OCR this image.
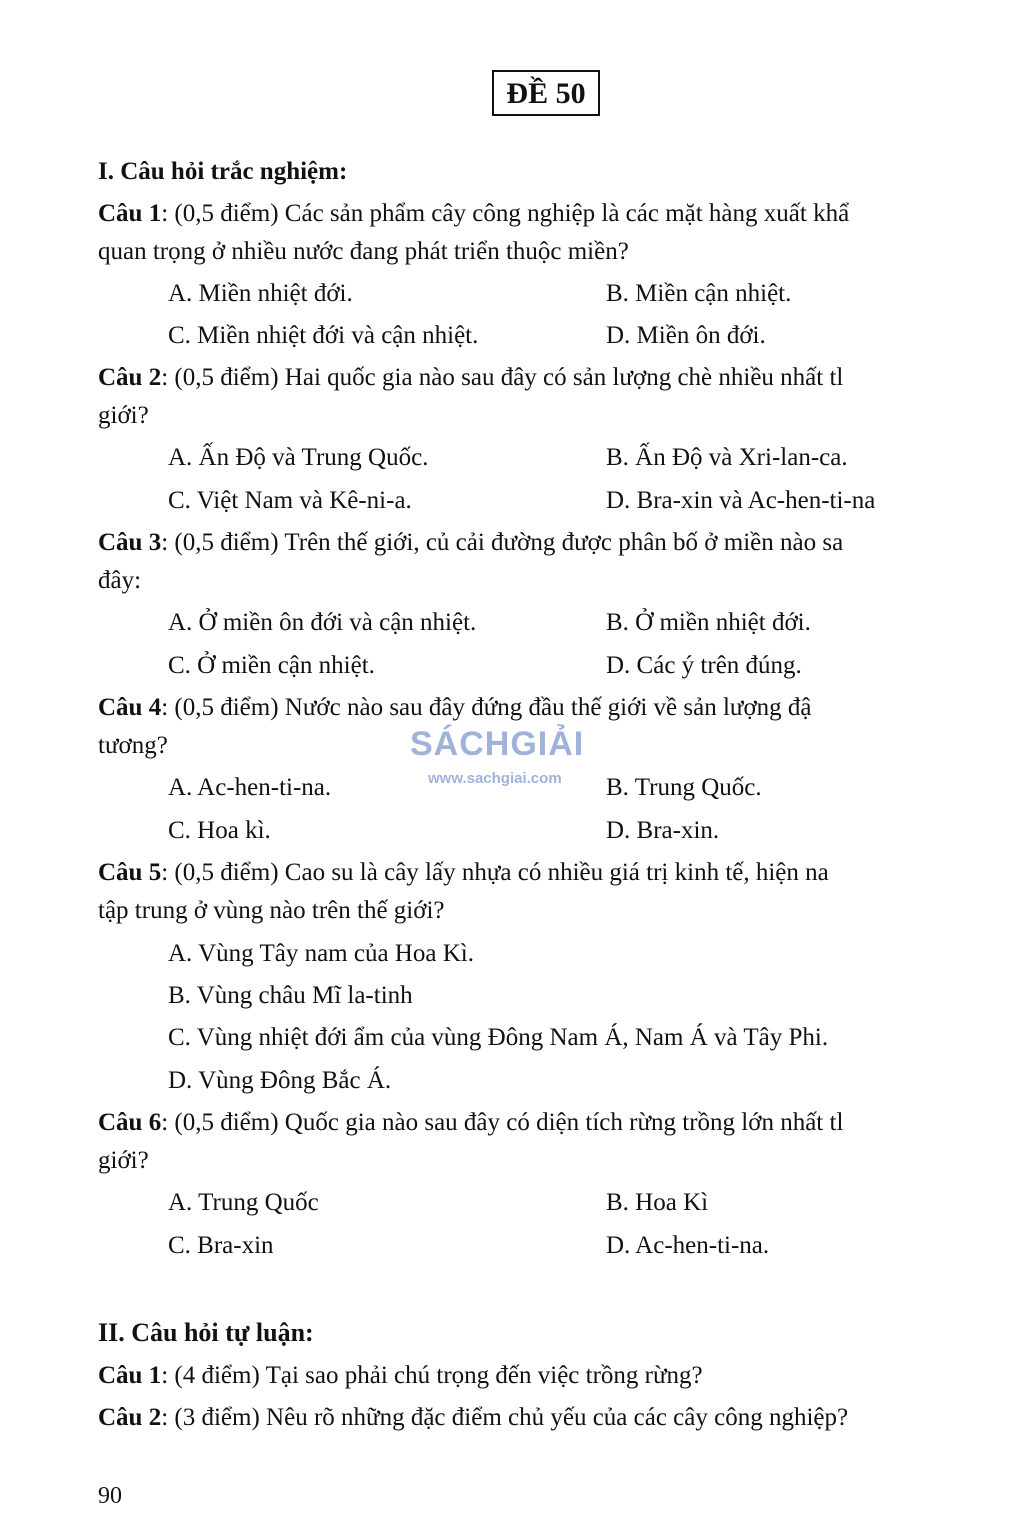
ĐỀ 50
I. Câu hỏi trắc nghiệm:
Câu 1: (0,5 điểm) Các sản phẩm cây công nghiệp là các mặt hàng xuất khẩ
quan trọng ở nhiều nước đang phát triển thuộc miền?
A. Miền nhiệt đới.	B. Miền cận nhiệt.
C. Miền nhiệt đới và cận nhiệt.	D. Miền ôn đới.
Câu 2: (0,5 điểm) Hai quốc gia nào sau đây có sản lượng chè nhiều nhất tl
giới?
A. Ấn Độ và Trung Quốc.	B. Ấn Độ và Xri-lan-ca.
C. Việt Nam và Kê-ni-a.	D. Bra-xin và Ac-hen-ti-na
Câu 3: (0,5 điểm) Trên thế giới, củ cải đường được phân bố ở miền nào sa
đây:
A. Ở miền ôn đới và cận nhiệt.	B. Ở miền nhiệt đới.
C. Ở miền cận nhiệt.	D. Các ý trên đúng.
Câu 4: (0,5 điểm) Nước nào sau đây đứng đầu thế giới về sản lượng đậ
tương?
A. Ac-hen-ti-na.	B. Trung Quốc.
C. Hoa kì.	D. Bra-xin.
SÁCHGIẢI
www.sachgiai.com
Câu 5: (0,5 điểm) Cao su là cây lấy nhựa có nhiều giá trị kinh tế, hiện na
tập trung ở vùng nào trên thế giới?
A. Vùng Tây nam của Hoa Kì.
B. Vùng châu Mĩ la-tinh
C. Vùng nhiệt đới ẩm của vùng Đông Nam Á, Nam Á và Tây Phi.
D. Vùng Đông Bắc Á.
Câu 6: (0,5 điểm) Quốc gia nào sau đây có diện tích rừng trồng lớn nhất tl
giới?
A. Trung Quốc	B. Hoa Kì
C. Bra-xin	D. Ac-hen-ti-na.
II. Câu hỏi tự luận:
Câu 1: (4 điểm) Tại sao phải chú trọng đến việc trồng rừng?
Câu 2: (3 điểm) Nêu rõ những đặc điểm chủ yếu của các cây công nghiệp?
90
